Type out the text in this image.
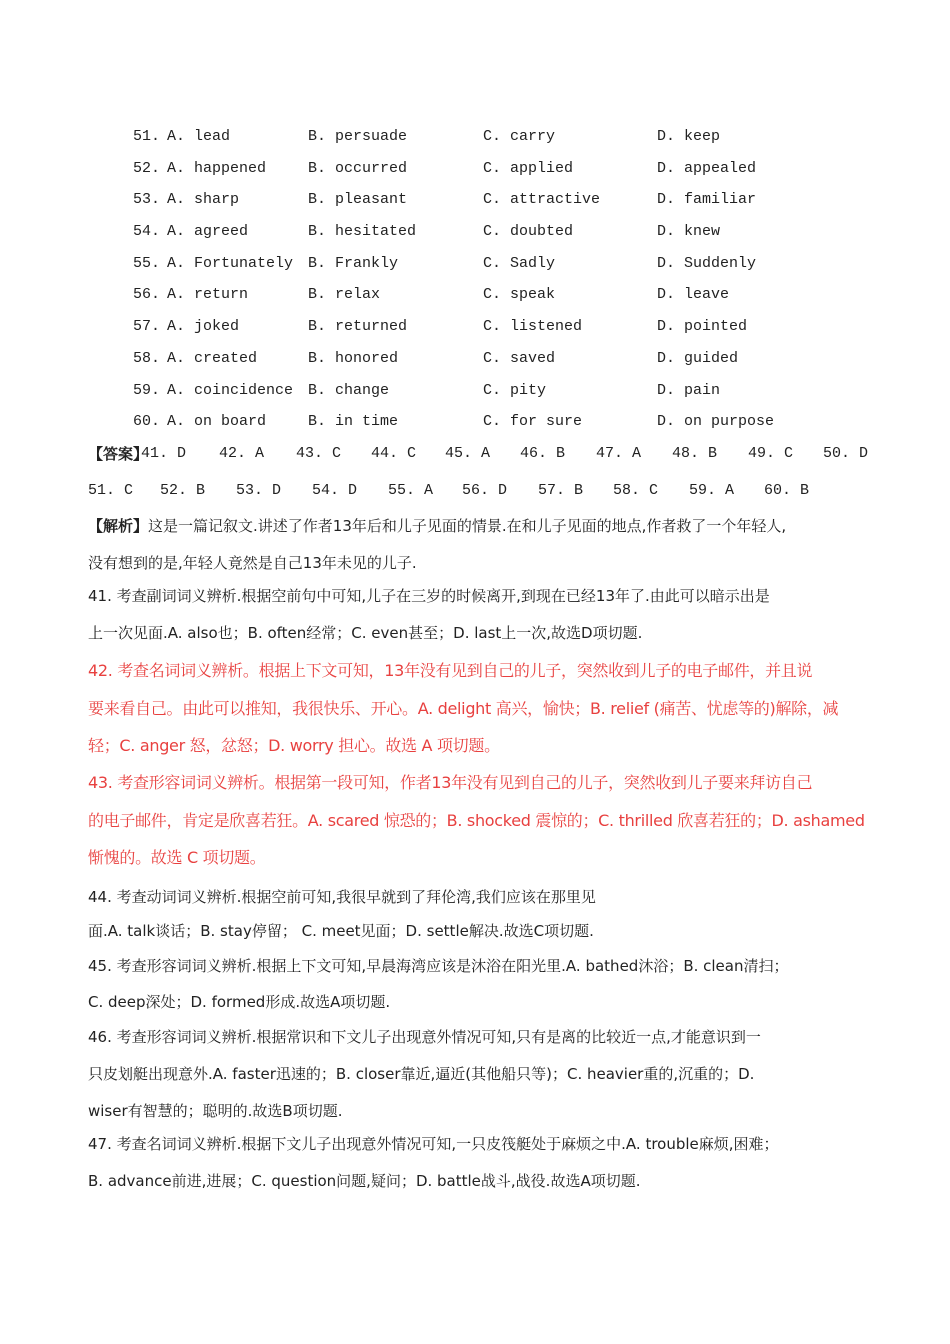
51. A. lead	B. persuade	C. carry	D. keep
52. A. happened	B. occurred	C. applied	D. appealed
53. A. sharp	B. pleasant	C. attractive	D. familiar
54. A. agreed	B. hesitated	C. doubted	D. knew
55. A. Fortunately B. Frankly	C. Sadly	D. Suddenly
56. A. return	B. relax	C. speak	D. leave
57. A. joked	B. returned	C. listened	D. pointed
58. A. created	B. honored	C. saved	D. guided
59. A. coincidence B. change	C. pity	D. pain
60. A. on board	B. in time	C. for sure	D. on purpose
【答案】
41. D 42. A 43. C 44. C 45. A 46. B 47. A 48. B 49. C 50. D
51. C 52. B 53. D 54. D 55. A 56. D 57. B 58. C 59. A 60. B
【解析】这是一篇记叙文.讲述了作者13年后和儿子见面的情景.在和儿子见面的地点,作者救了一个年轻人,
没有想到的是,年轻人竟然是自己13年未见的儿子.
41. 考查副词词义辨析.根据空前句中可知,儿子在三岁的时候离开,到现在已经13年了.由此可以暗示出是
上一次见面.A. also也；B. often经常；C. even甚至；D. last上一次,故选D项切题.
42. 考查名词词义辨析。根据上下文可知，13年没有见到自己的儿子，突然收到儿子的电子邮件，并且说
要来看自己。由此可以推知，我很快乐、开心。A. delight 高兴，愉快；B. relief (痛苦、忧虑等的)解除，减
轻；C. anger 怒，忿怒；D. worry 担心。故选 A 项切题。
43. 考查形容词词义辨析。根据第一段可知，作者13年没有见到自己的儿子，突然收到儿子要来拜访自己
的电子邮件，肯定是欣喜若狂。A. scared 惊恐的；B. shocked 震惊的；C. thrilled 欣喜若狂的；D. ashamed
惭愧的。故选 C 项切题。
44. 考查动词词义辨析.根据空前可知,我很早就到了拜伦湾,我们应该在那里见
面.A. talk谈话；B. stay停留； C. meet见面；D. settle解决.故选C项切题.
45. 考查形容词词义辨析.根据上下文可知,早晨海湾应该是沐浴在阳光里.A. bathed沐浴；B. clean清扫；
C. deep深处；D. formed形成.故选A项切题.
46. 考查形容词词义辨析.根据常识和下文儿子出现意外情况可知,只有是离的比较近一点,才能意识到一
只皮划艇出现意外.A. faster迅速的；B. closer靠近,逼近(其他船只等)；C. heavier重的,沉重的；D.
wiser有智慧的；聪明的.故选B项切题.
47. 考查名词词义辨析.根据下文儿子出现意外情况可知,一只皮筏艇处于麻烦之中.A. trouble麻烦,困难；
B. advance前进,进展；C. question问题,疑问；D. battle战斗,战役.故选A项切题.
